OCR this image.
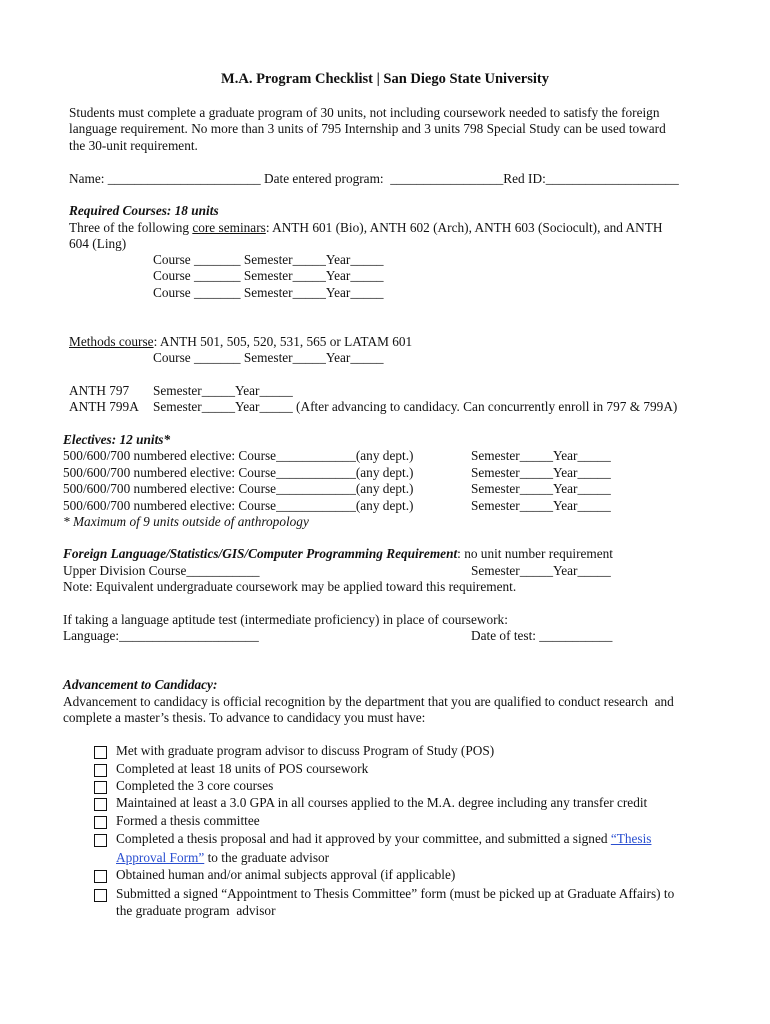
M.A. Program Checklist | San Diego State University
Students must complete a graduate program of 30 units, not including coursework needed to satisfy the foreign
language requirement. No more than 3 units of 795 Internship and 3 units 798 Special Study can be used toward
the 30-unit requirement.
Name: _______________________ Date entered program:  _________________Red ID:____________________
Required Courses: 18 units
Three of the following core seminars: ANTH 601 (Bio), ANTH 602 (Arch), ANTH 603 (Sociocult), and ANTH
604 (Ling)
Course _______ Semester_____Year_____
Course _______ Semester_____Year_____
Course _______ Semester_____Year_____
Methods course: ANTH 501, 505, 520, 531, 565 or LATAM 601
Course _______ Semester_____Year_____
ANTH 797 Semester_____Year_____
ANTH 799A Semester_____Year_____ (After advancing to candidacy. Can concurrently enroll in 797 & 799A)
Electives: 12 units*
500/600/700 numbered elective: Course____________(any dept.)	Semester_____Year_____
500/600/700 numbered elective: Course____________(any dept.)	Semester_____Year_____
500/600/700 numbered elective: Course____________(any dept.)	Semester_____Year_____
500/600/700 numbered elective: Course____________(any dept.)	Semester_____Year_____
* Maximum of 9 units outside of anthropology
Foreign Language/Statistics/GIS/Computer Programming Requirement: no unit number requirement
Upper Division Course___________	Semester_____Year_____
Note: Equivalent undergraduate coursework may be applied toward this requirement.
If taking a language aptitude test (intermediate proficiency) in place of coursework:
Language:_____________________	Date of test: ___________
Advancement to Candidacy:
Advancement to candidacy is official recognition by the department that you are qualified to conduct research  and
complete a master’s thesis. To advance to candidacy you must have:
Met with graduate program advisor to discuss Program of Study (POS)
Completed at least 18 units of POS coursework
Completed the 3 core courses
Maintained at least a 3.0 GPA in all courses applied to the M.A. degree including any transfer credit
Formed a thesis committee
Completed a thesis proposal and had it approved by your committee, and submitted a signed “Thesis
Approval Form” to the graduate advisor
Obtained human and/or animal subjects approval (if applicable)
Submitted a signed “Appointment to Thesis Committee” form (must be picked up at Graduate Affairs) to
the graduate program  advisor
